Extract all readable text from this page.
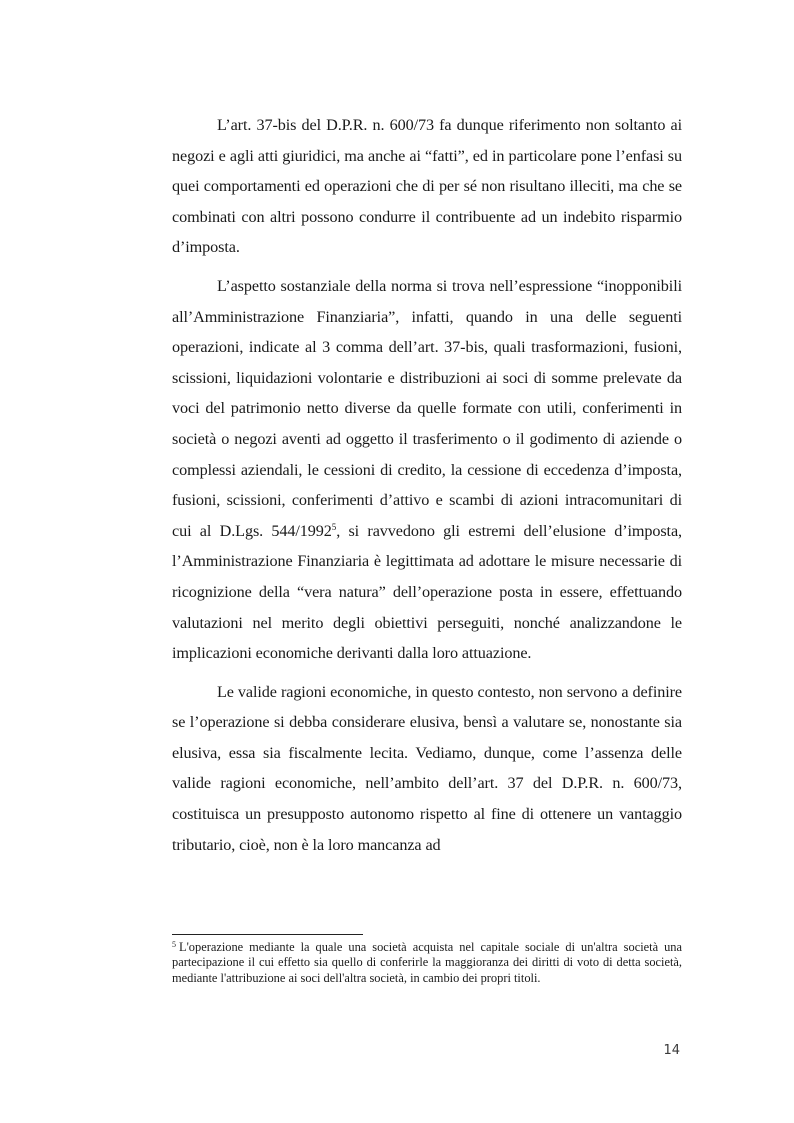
L’art. 37-bis del D.P.R. n. 600/73 fa dunque riferimento non soltanto ai negozi e agli atti giuridici, ma anche ai “fatti”, ed in particolare pone l’enfasi su quei comportamenti ed operazioni che di per sé non risultano illeciti, ma che se combinati con altri possono condurre il contribuente ad un indebito risparmio d’imposta.

L’aspetto sostanziale della norma si trova nell’espressione “inopponibili all’Amministrazione Finanziaria”, infatti, quando in una delle seguenti operazioni, indicate al 3 comma dell’art. 37-bis, quali trasformazioni, fusioni, scissioni, liquidazioni volontarie e distribuzioni ai soci di somme prelevate da voci del patrimonio netto diverse da quelle formate con utili, conferimenti in società o negozi aventi ad oggetto il trasferimento o il godimento di aziende o complessi aziendali, le cessioni di credito, la cessione di eccedenza d’imposta, fusioni, scissioni, conferimenti d’attivo e scambi di azioni intracomunitari di cui al D.Lgs. 544/1992$^5$, si ravvedono gli estremi dell’elusione d’imposta, l’Amministrazione Finanziaria è legittimata ad adottare le misure necessarie di ricognizione della “vera natura” dell’operazione posta in essere, effettuando valutazioni nel merito degli obiettivi perseguiti, nonché analizzandone le implicazioni economiche derivanti dalla loro attuazione.

Le valide ragioni economiche, in questo contesto, non servono a definire se l’operazione si debba considerare elusiva, bensì a valutare se, nonostante sia elusiva, essa sia fiscalmente lecita. Vediamo, dunque, come l’assenza delle valide ragioni economiche, nell’ambito dell’art. 37 del D.P.R. n. 600/73, costituisca un presupposto autonomo rispetto al fine di ottenere un vantaggio tributario, cioè, non è la loro mancanza ad

$^5$ L'operazione mediante la quale una società acquista nel capitale sociale di un'altra società una partecipazione il cui effetto sia quello di conferirle la maggioranza dei diritti di voto di detta società, mediante l'attribuzione ai soci dell'altra società, in cambio dei propri titoli.

14
